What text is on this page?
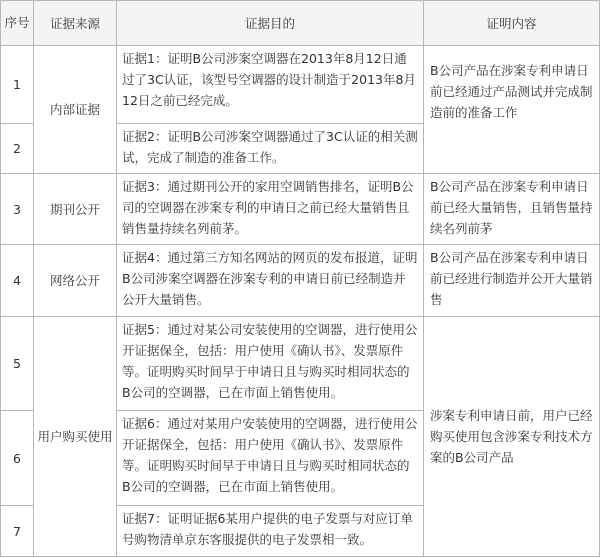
序号	证据来源	证据目的	证明内容
1	内部证据	证据1：证明B公司涉案空调器在2013年8月12日通过了3C认证，该型号空调器的设计制造于2013年8月12日之前已经完成。	B公司产品在涉案专利申请日前已经通过产品测试并完成制造前的准备工作
2		证据2：证明B公司涉案空调器通过了3C认证的相关测试，完成了制造的准备工作。	
3	期刊公开	证据3：通过期刊公开的家用空调销售排名，证明B公司的空调器在涉案专利的申请日之前已经大量销售且销售量持续名列前茅。	B公司产品在涉案专利申请日前已经大量销售，且销售量持续名列前茅
4	网络公开	证据4：通过第三方知名网站的网页的发布报道，证明B公司涉案空调器在涉案专利的申请日前已经制造并公开大量销售。	B公司产品在涉案专利申请日前已经进行制造并公开大量销售
5	用户购买使用	证据5：通过对某公司安装使用的空调器，进行使用公开证据保全，包括：用户使用《确认书》、发票原件等。证明购买时间早于申请日且与购买时相同状态的B公司的空调器，已在市面上销售使用。	涉案专利申请日前，用户已经购买使用包含涉案专利技术方案的B公司产品
6		证据6：通过对某用户安装使用的空调器，进行使用公开证据保全，包括：用户使用《确认书》、发票原件等。证明购买时间早于申请日且与购买时相同状态的B公司的空调器，已在市面上销售使用。	
7		证据7：证明证据6某用户提供的电子发票与对应订单号购物清单京东客服提供的电子发票相一致。	
